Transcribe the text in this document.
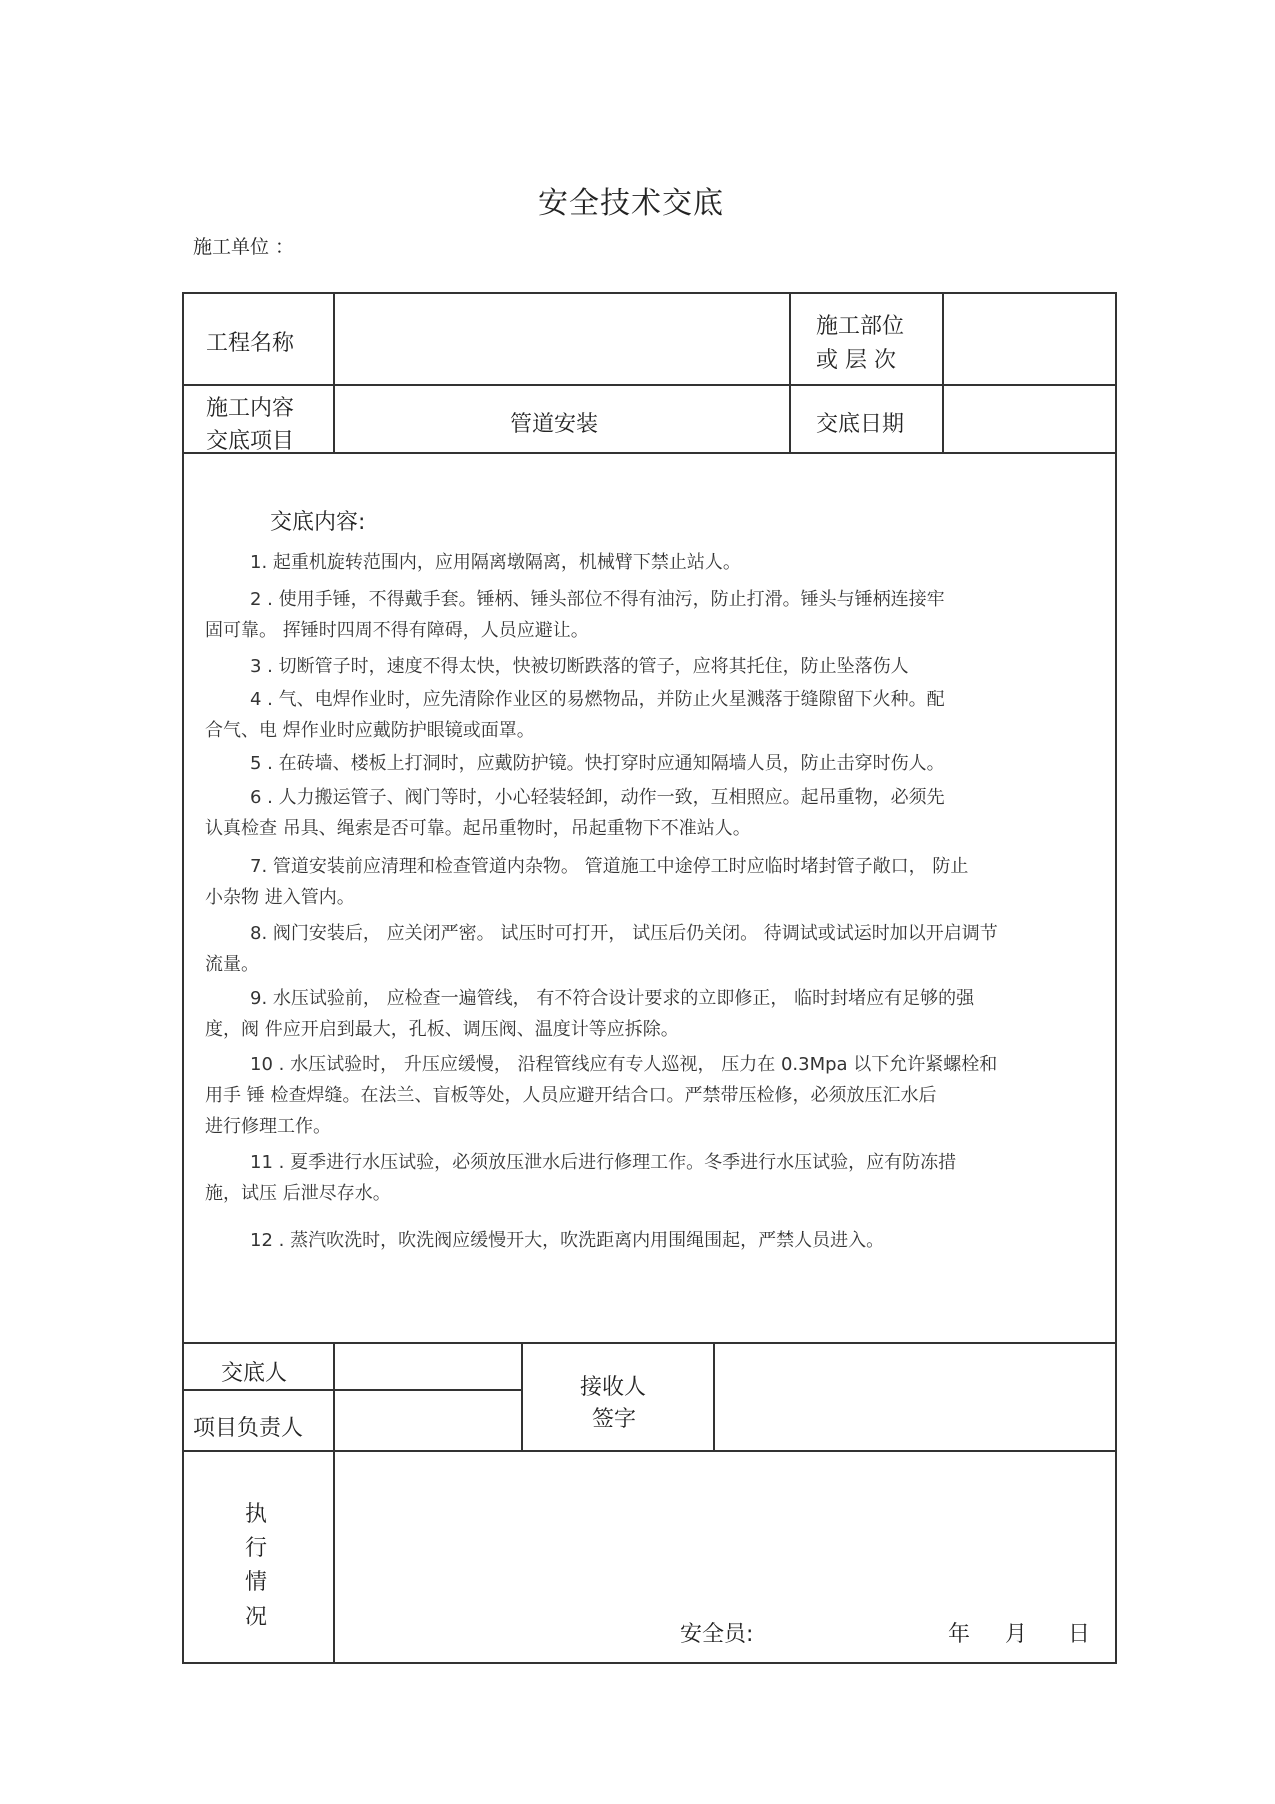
安全技术交底
施工单位 ：
工程名称
施工部位
或 层 次
施工内容
交底项目
管道安装	交底日期
交底内容:
1. 起重机旋转范围内，应用隔离墩隔离，机械臂下禁止站人。
2 . 使用手锤，不得戴手套。锤柄、锤头部位不得有油污，防止打滑。锤头与锤柄连接牢
固可靠。 挥锤时四周不得有障碍，人员应避让。
3 . 切断管子时，速度不得太快，快被切断跌落的管子，应将其托住，防止坠落伤人
4 . 气、电焊作业时，应先清除作业区的易燃物品，并防止火星溅落于缝隙留下火种。配
合气、电 焊作业时应戴防护眼镜或面罩。
5 . 在砖墙、楼板上打洞时，应戴防护镜。快打穿时应通知隔墙人员，防止击穿时伤人。
6 . 人力搬运管子、阀门等时，小心轻装轻卸，动作一致，互相照应。起吊重物，必须先
认真检查 吊具、绳索是否可靠。起吊重物时，吊起重物下不准站人。
7. 管道安装前应清理和检查管道内杂物。 管道施工中途停工时应临时堵封管子敞口， 防止
小杂物 进入管内。
8. 阀门安装后， 应关闭严密。 试压时可打开， 试压后仍关闭。 待调试或试运时加以开启调节
流量。
9. 水压试验前， 应检查一遍管线， 有不符合设计要求的立即修正， 临时封堵应有足够的强
度，阀 件应开启到最大，孔板、调压阀、温度计等应拆除。
10 . 水压试验时， 升压应缓慢， 沿程管线应有专人巡视， 压力在 0.3Mpa 以下允许紧螺栓和
用手 锤 检查焊缝。在法兰、盲板等处，人员应避开结合口。严禁带压检修，必须放压汇水后
进行修理工作。
11 . 夏季进行水压试验，必须放压泄水后进行修理工作。冬季进行水压试验，应有防冻措
施，试压 后泄尽存水。
12 . 蒸汽吹洗时，吹洗阀应缓慢开大，吹洗距离内用围绳围起，严禁人员进入。
交底人
项目负责人
接收人
签字
执
行
情
况
安全员:	年 月 日
